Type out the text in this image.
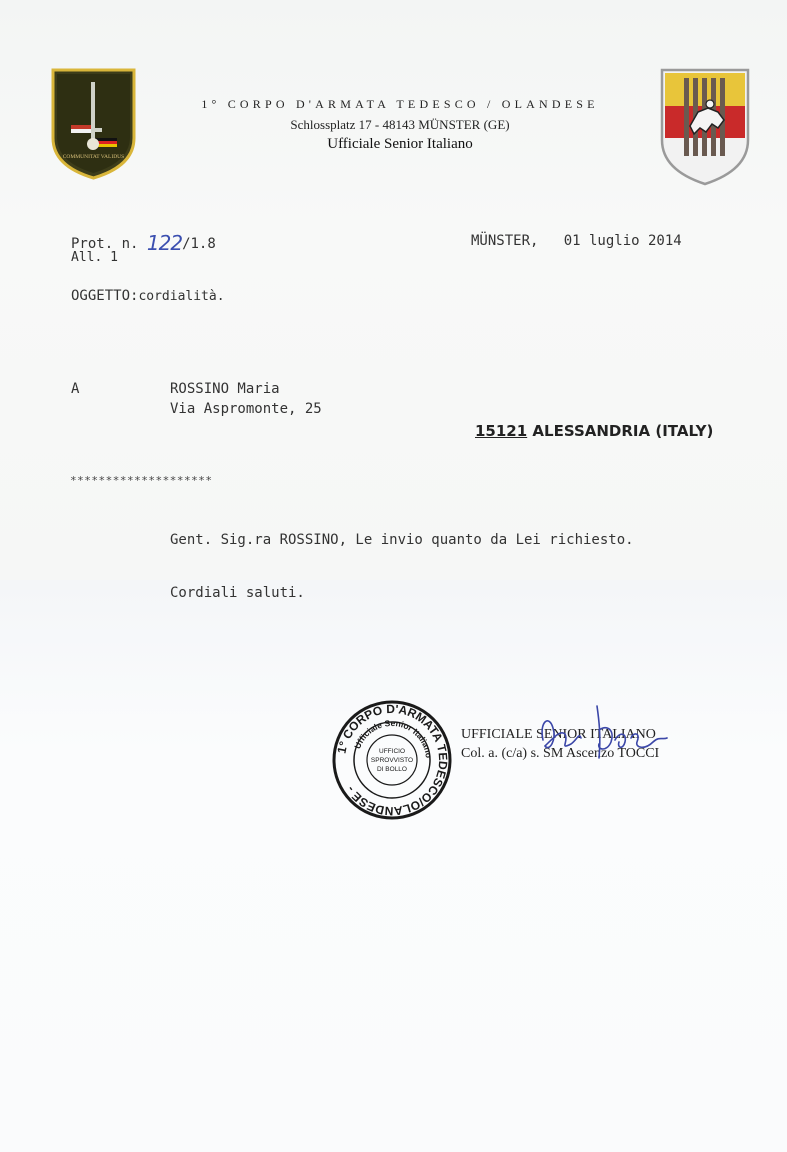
COMMUNITAT VALIDUS
1° CORPO D'ARMATA TEDESCO / OLANDESE
Schlossplatz 17 - 48143 MÜNSTER (GE)
Ufficiale Senior Italiano
Prot. n. 122/1.8
All. 1
MÜNSTER,   01 luglio 2014
OGGETTO:cordialità.
A	ROSSINO Maria
Via Aspromonte, 25
15121 ALESSANDRIA (ITALY)
********************
Gent. Sig.ra ROSSINO, Le invio quanto da Lei richiesto.
Cordiali saluti.
1° CORPO D'ARMATA TEDESCO/OLANDESE -
Ufficiale Senior Italiano
UFFICIO
SPROVVISTO
DI BOLLO
UFFICIALE SENIOR ITALIANO
Col. a. (c/a) s. SM Ascenzo TOCCI
